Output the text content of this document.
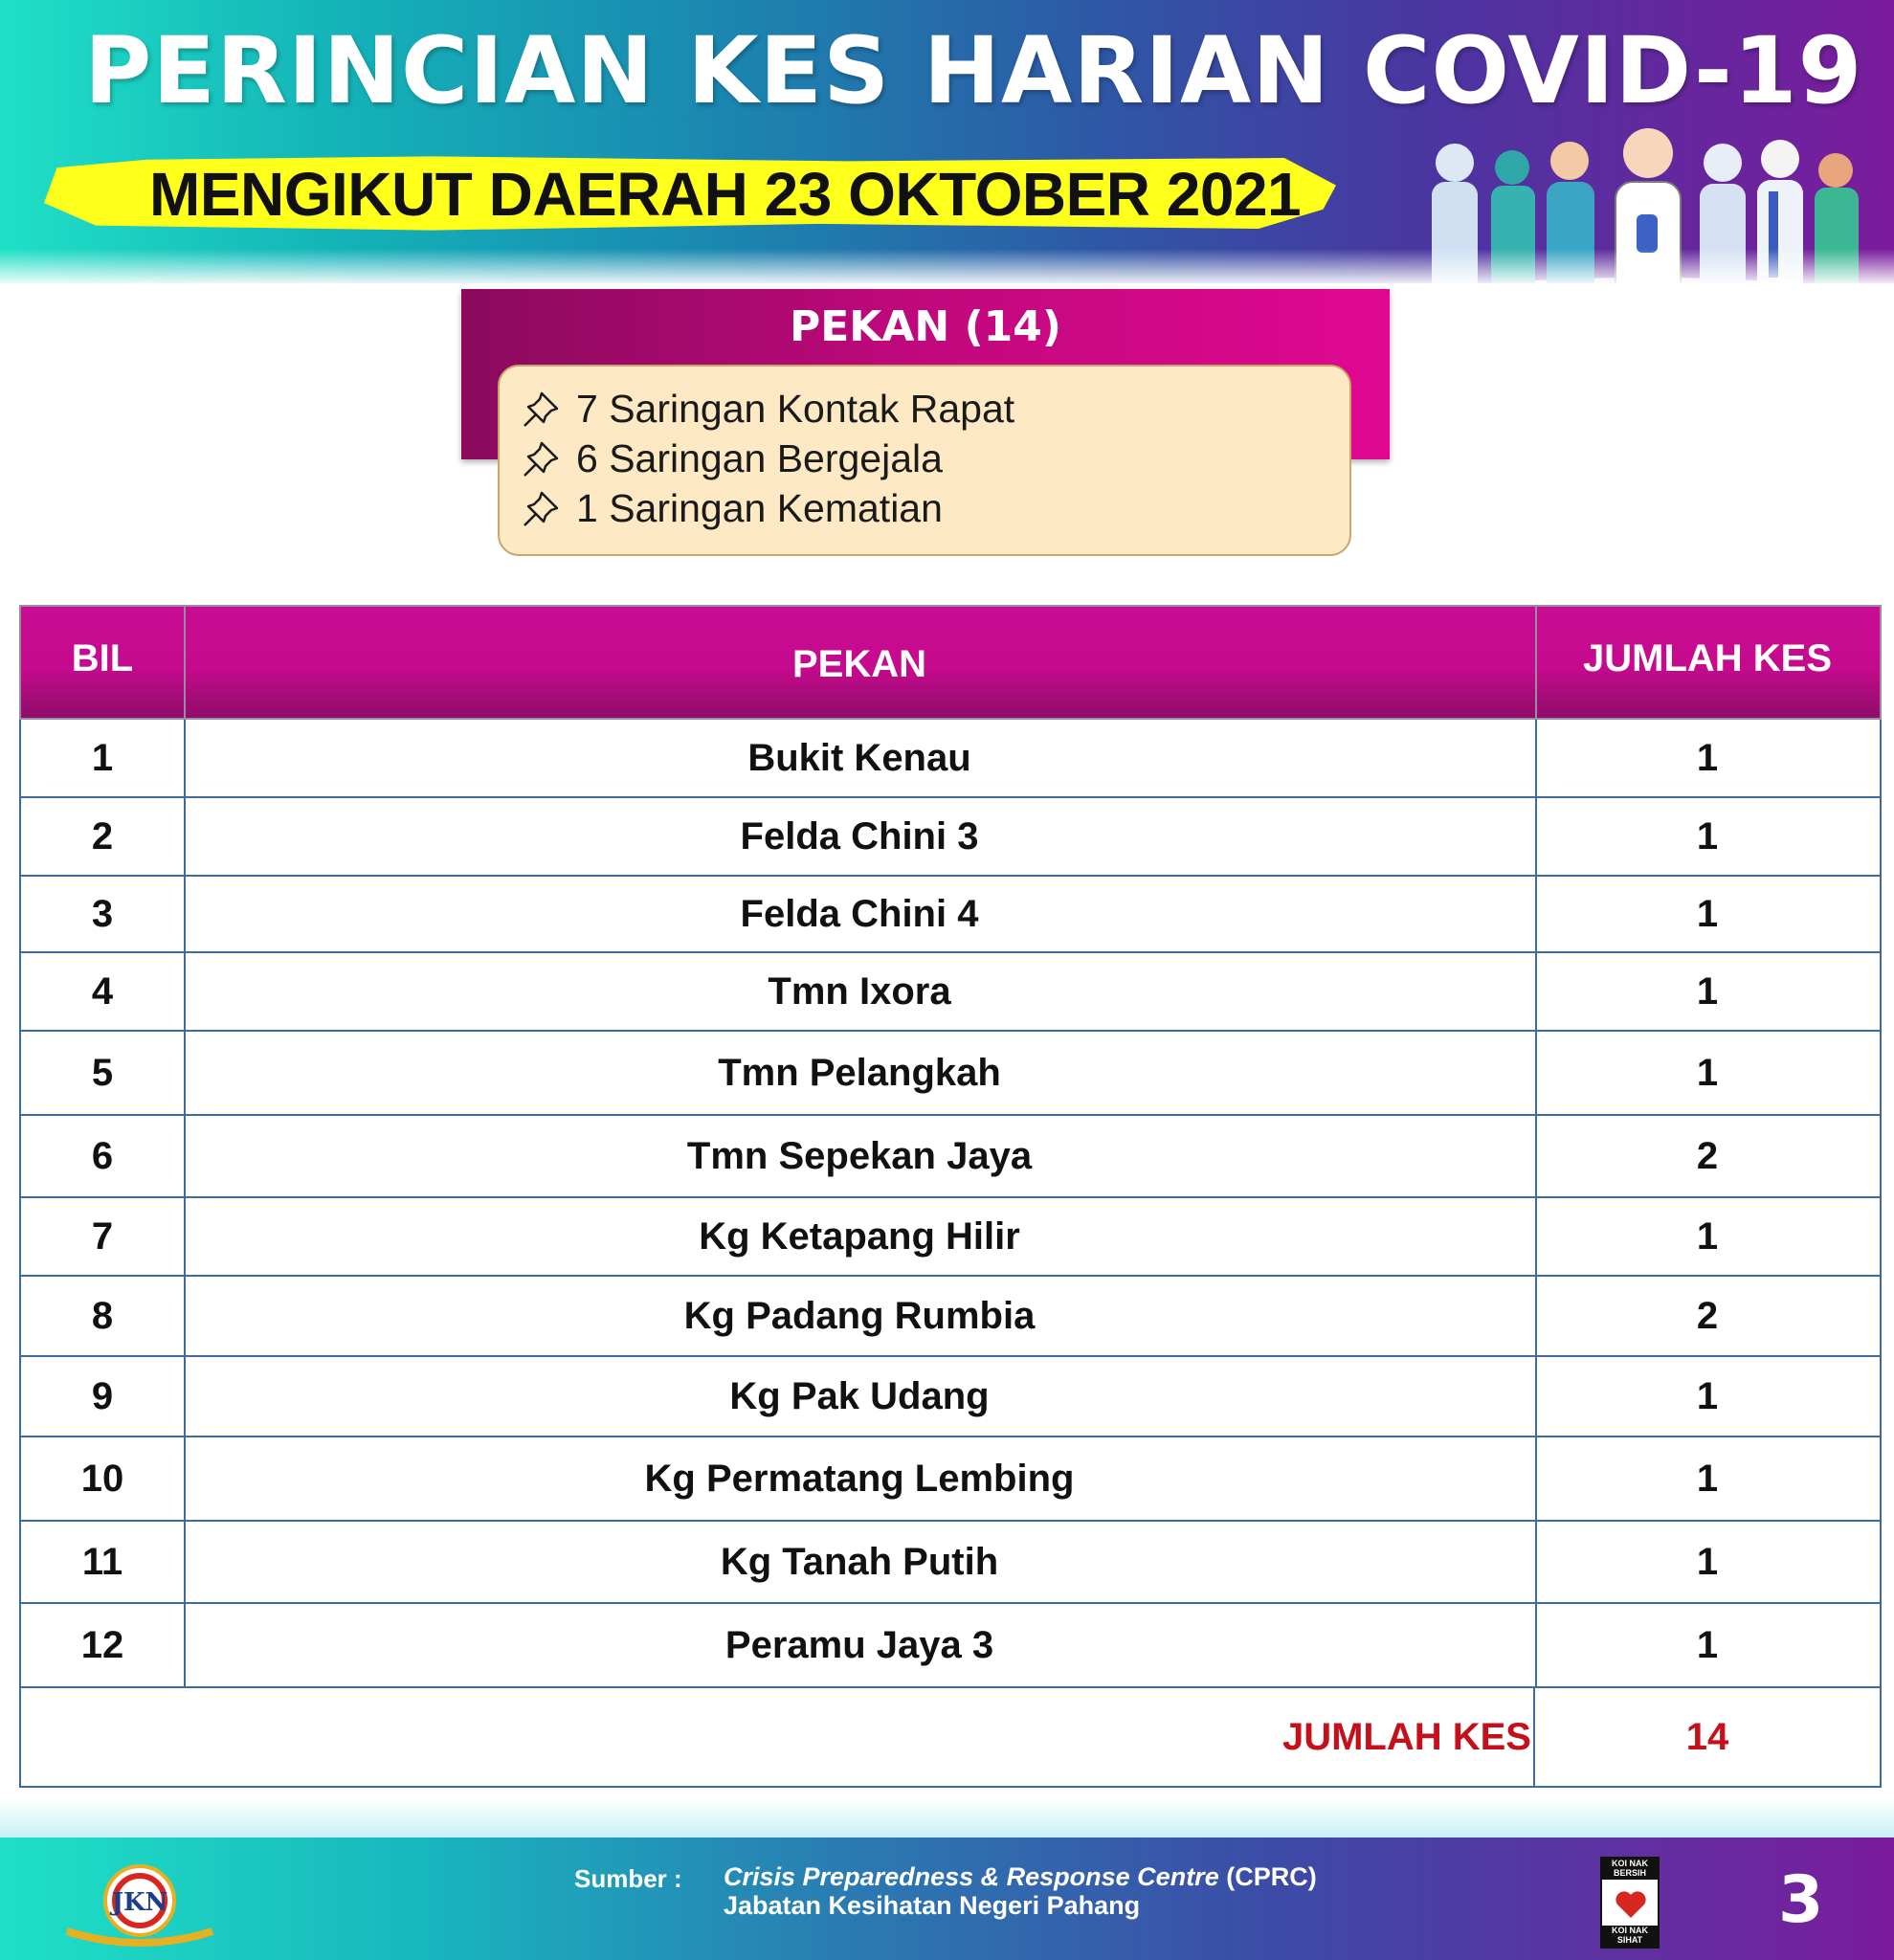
PERINCIAN KES HARIAN COVID-19
MENGIKUT DAERAH 23 OKTOBER 2021
PEKAN (14)
7 Saringan Kontak Rapat
6 Saringan Bergejala
1 Saringan Kematian
BIL	PEKAN	JUMLAH KES
1	Bukit Kenau	1
2	Felda Chini 3	1
3	Felda Chini 4	1
4	Tmn Ixora	1
5	Tmn Pelangkah	1
6	Tmn Sepekan Jaya	2
7	Kg Ketapang Hilir	1
8	Kg Padang Rumbia	2
9	Kg Pak Udang	1
10	Kg Permatang Lembing	1
11	Kg Tanah Putih	1
12	Peramu Jaya 3	1
JUMLAH KES	14
JKN
Sumber : Crisis Preparedness & Response Centre (CPRC)
Jabatan Kesihatan Negeri Pahang
KOI NAK BERSIH
KOI NAK SIHAT
3
